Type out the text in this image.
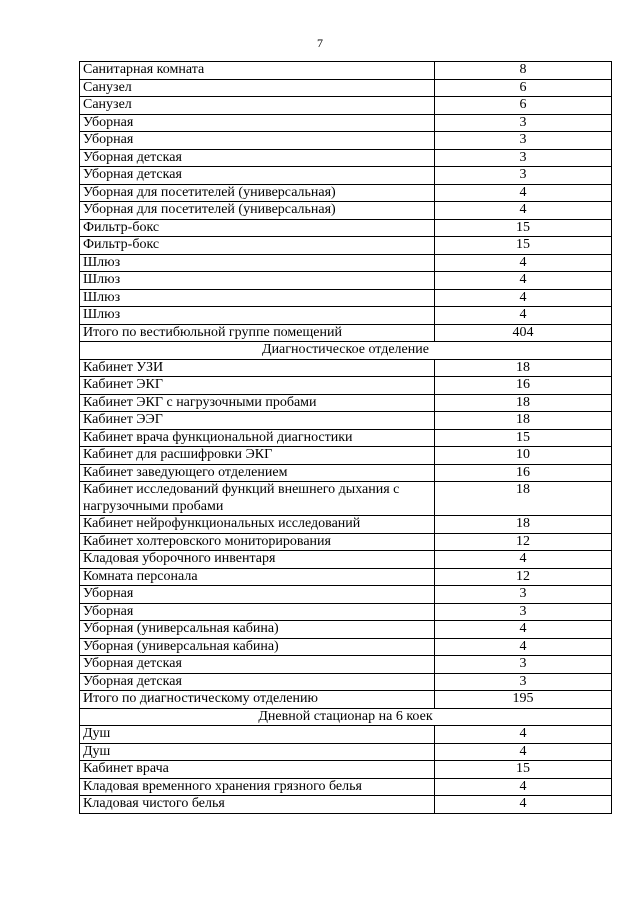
7
Санитарная комната	8
Санузел	6
Санузел	6
Уборная	3
Уборная	3
Уборная детская	3
Уборная детская	3
Уборная для посетителей (универсальная)	4
Уборная для посетителей (универсальная)	4
Фильтр-бокс	15
Фильтр-бокс	15
Шлюз	4
Шлюз	4
Шлюз	4
Шлюз	4
Итого по вестибюльной группе помещений	404
Диагностическое отделение	
Кабинет УЗИ	18
Кабинет ЭКГ	16
Кабинет ЭКГ с нагрузочными пробами	18
Кабинет ЭЭГ	18
Кабинет врача функциональной диагностики	15
Кабинет для расшифровки ЭКГ	10
Кабинет заведующего отделением	16
Кабинет исследований функций внешнего дыхания с нагрузочными пробами	18
Кабинет нейрофункциональных исследований	18
Кабинет холтеровского мониторирования	12
Кладовая уборочного инвентаря	4
Комната персонала	12
Уборная	3
Уборная	3
Уборная (универсальная кабина)	4
Уборная (универсальная кабина)	4
Уборная детская	3
Уборная детская	3
Итого по диагностическому отделению	195
Дневной стационар на 6 коек	
Душ	4
Душ	4
Кабинет врача	15
Кладовая временного хранения грязного белья	4
Кладовая чистого белья	4
